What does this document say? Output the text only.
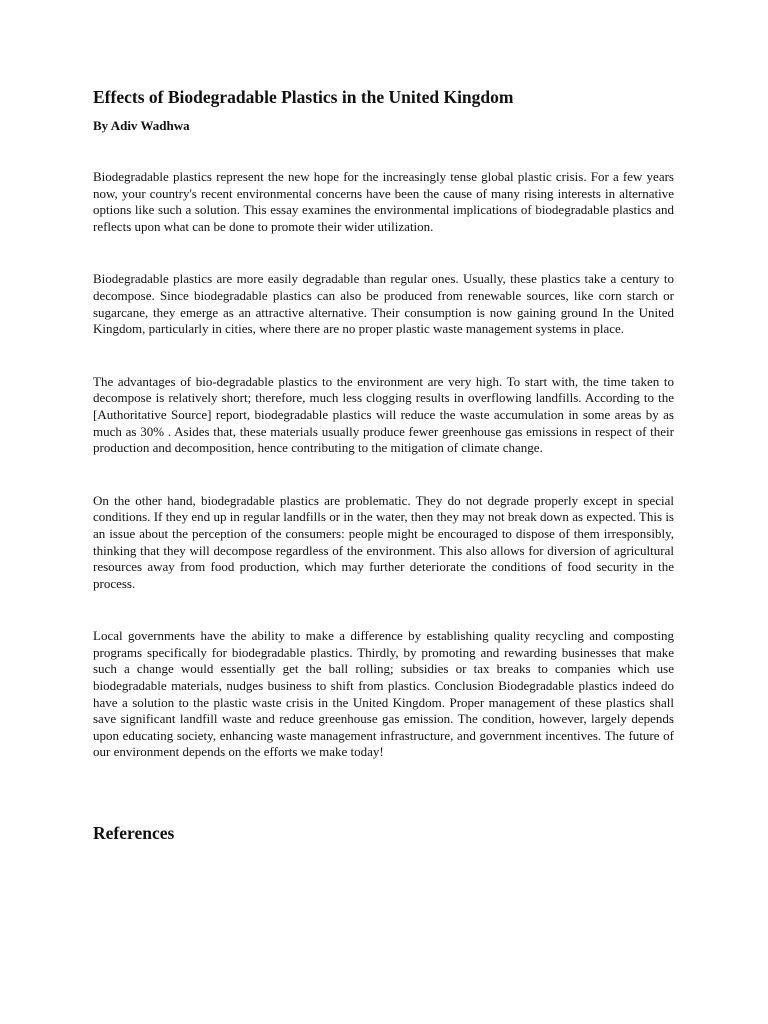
Effects of Biodegradable Plastics in the United Kingdom

By Adiv Wadhwa

Biodegradable plastics represent the new hope for the increasingly tense global plastic crisis. For a few years now, your country's recent environmental concerns have been the cause of many rising interests in alternative options like such a solution. This essay examines the environmental implications of biodegradable plastics and reflects upon what can be done to promote their wider utilization.

Biodegradable plastics are more easily degradable than regular ones. Usually, these plastics take a century to decompose. Since biodegradable plastics can also be produced from renewable sources, like corn starch or sugarcane, they emerge as an attractive alternative. Their consumption is now gaining ground In the United Kingdom, particularly in cities, where there are no proper plastic waste management systems in place.

The advantages of bio-degradable plastics to the environment are very high. To start with, the time taken to decompose is relatively short; therefore, much less clogging results in overflowing landfills. According to the [Authoritative Source] report, biodegradable plastics will reduce the waste accumulation in some areas by as much as 30% . Asides that, these materials usually produce fewer greenhouse gas emissions in respect of their production and decomposition, hence contributing to the mitigation of climate change.

On the other hand, biodegradable plastics are problematic. They do not degrade properly except in special conditions. If they end up in regular landfills or in the water, then they may not break down as expected. This is an issue about the perception of the consumers: people might be encouraged to dispose of them irresponsibly, thinking that they will decompose regardless of the environment. This also allows for diversion of agricultural resources away from food production, which may further deteriorate the conditions of food security in the process.

Local governments have the ability to make a difference by establishing quality recycling and composting programs specifically for biodegradable plastics. Thirdly, by promoting and rewarding businesses that make such a change would essentially get the ball rolling; subsidies or tax breaks to companies which use biodegradable materials, nudges business to shift from plastics. Conclusion Biodegradable plastics indeed do have a solution to the plastic waste crisis in the United Kingdom. Proper management of these plastics shall save significant landfill waste and reduce greenhouse gas emission. The condition, however, largely depends upon educating society, enhancing waste management infrastructure, and government incentives. The future of our environment depends on the efforts we make today!

References
